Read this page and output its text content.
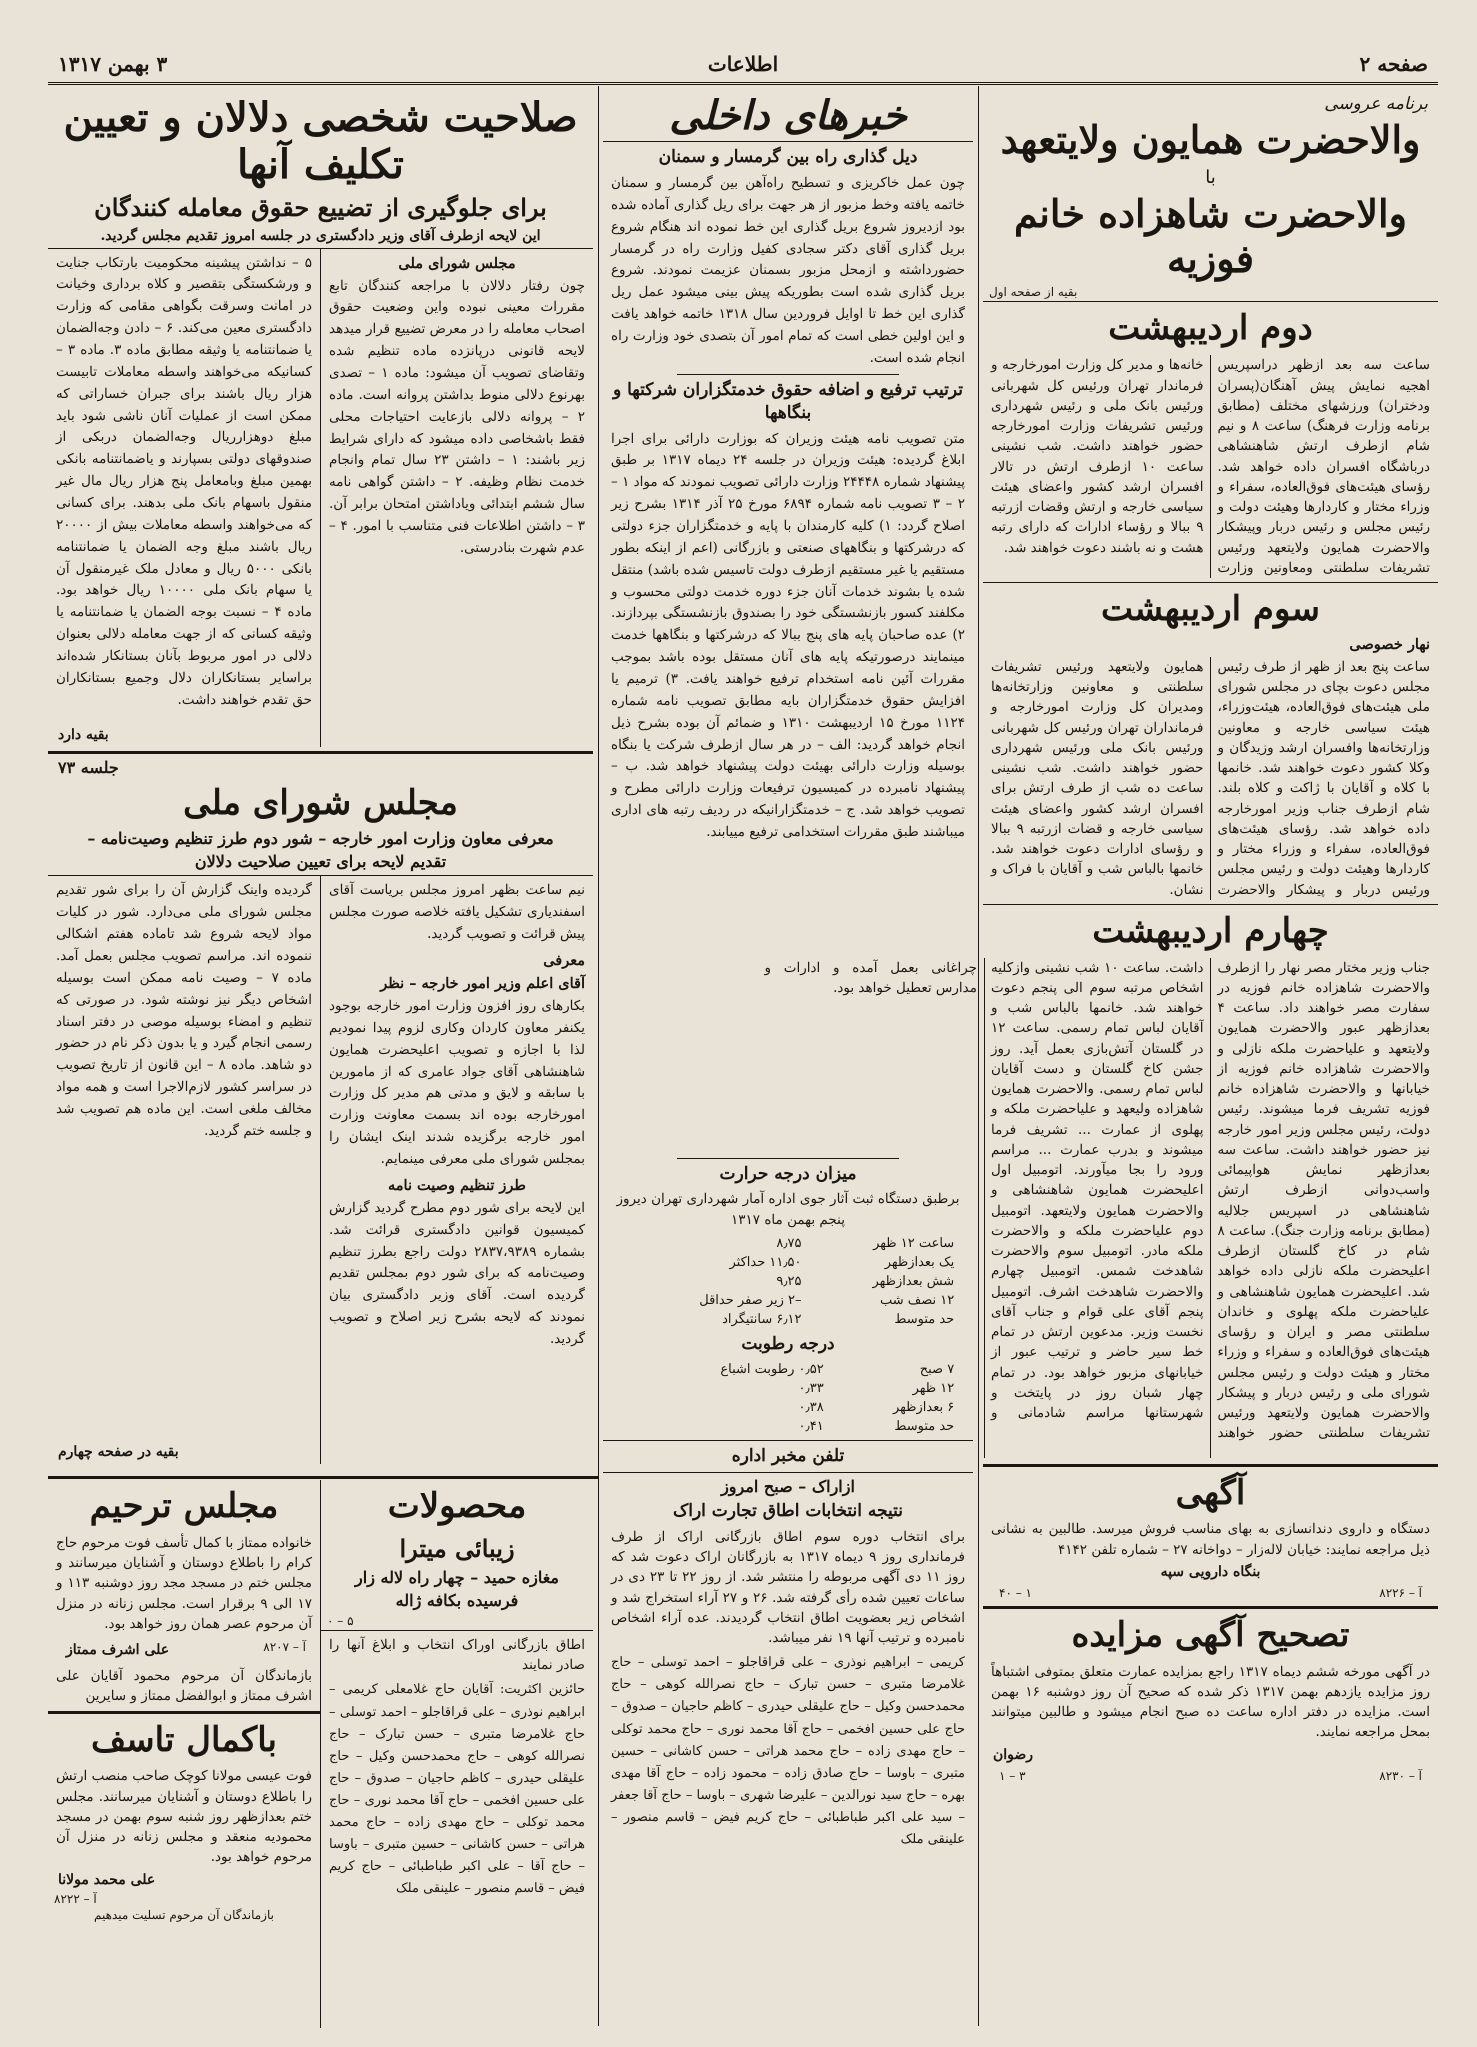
صفحه ۲
اطلاعات
۳ بهمن ۱۳۱۷
برنامه عروسی
والاحضرت همایون ولایتعهد
با
والاحضرت شاهزاده خانم فوزیه
بقیه از صفحه اول
دوم اردیبهشت
ساعت سه بعد ازظهر درا‌سپریس اهجیه نمایش پیش آهنگان(پسران ودختران) ورزشهای مختلف (مطابق برنامه وزارت فرهنگ) ساعت ۸ و نیم شام ازطرف ارتش شاهنشاهی درباشگاه افسران داده خواهد شد. رؤسای هیئت‌های فوق‌العاده، سفراء و وزراء مختار و کاردارها وهیئت دولت و رئیس مجلس و رئیس دربار وپیشکار والاحضرت همایون ولایتعهد ورئیس تشریفات سلطنتی ومعاونین وزارت خانه‌ها و مدیر کل وزارت امورخارجه و فرماندار تهران ورئیس کل شهربانی ورئیس بانک ملی و رئیس شهرداری ورئیس تشریفات وزارت امورخارجه حضور خواهند داشت. شب نشینی ساعت ۱۰ ازطرف ارتش در تالار افسران ارشد کشور واعضای هیئت سیاسی خارجه و ارتش وقضات ازرتبه ۹ ببالا و رؤساء ادارات که دارای رتبه هشت و نه باشند دعوت خواهند شد.
سوم اردیبهشت
نهار خصوصی
ساعت پنج بعد از ظهر از طرف رئیس مجلس دعوت بچای در مجلس شورای ملی هیئت‌های فوق‌العاده، هیئت‌وزراء، هیئت سیاسی خارجه و معاونین وزارتخانه‌ها وافسران ارشد وزیدگان و وکلا کشور دعوت خواهند شد. خانمها با کلاه و آقایان با ژاکت و کلاه بلند. شام ازطرف جناب وزیر امورخارجه داده خواهد شد. رؤسای هیئت‌های فوق‌العاده، سفراء و وزراء مختار و کاردارها وهیئت دولت و رئیس مجلس ورئیس دربار و پیشکار والاحضرت همایون ولایتعهد ورئیس تشریفات سلطنتی و معاونین وزارتخانه‌ها ومدیران کل وزارت امورخارجه و فرمانداران تهران ورئیس کل شهربانی ورئیس بانک ملی ورئیس شهرداری حضور خواهند داشت. شب نشینی ساعت ده شب از طرف ارتش برای افسران ارشد کشور واعضای هیئت سیاسی خارجه و قضات ازرتبه ۹ ببالا و رؤسای ادارات دعوت خواهند شد. خانمها بالباس شب و آقایان با فراک و نشان.
چهارم اردیبهشت
جناب وزیر مختار مصر نهار را ازطرف والاحضرت شاهزاده خانم فوزیه در سفارت مصر خواهند داد. ساعت ۴ بعدازظهر عبور والاحضرت همایون ولایتعهد و علیاحضرت ملکه نازلی و والاحضرت شاهزاده خانم فوزیه از خیابانها و والاحضرت شاهزاده خانم فوزیه تشریف فرما میشوند. رئیس دولت، رئیس مجلس وزیر امور خارجه نیز حضور خواهند داشت. ساعت سه بعدازظهر نمایش هواپیمائی واسب‌دوانی ازطرف ارتش شاهنشاهی در اسپریس جلالیه (مطابق برنامه وزارت جنگ). ساعت ۸ شام در کاخ گلستان ازطرف اعلیحضرت ملکه نازلی داده خواهد شد. اعلیحضرت همایون شاهنشاهی و علیاحضرت ملکه پهلوی و خاندان سلطنتی مصر و ایران و رؤسای هیئت‌های فوق‌العاده و سفراء و وزراء مختار و هیئت دولت و رئیس مجلس شورای ملی و رئیس دربار و پیشکار والاحضرت همایون ولایتعهد ورئیس تشریفات سلطنتی حضور خواهند داشت. ساعت ۱۰ شب نشینی وازکلیه اشخاص مرتبه سوم الی پنجم دعوت خواهند شد. خانمها بالباس شب و آقایان لباس تمام رسمی. ساعت ۱۲ در گلستان آتش‌بازی بعمل آید. روز جشن کاخ گلستان و دست آقایان لباس تمام رسمی. والاحضرت همایون شاهزاده ولیعهد و علیاحضرت ملکه و پهلوی از عمارت ... تشریف فرما میشوند و بدرب عمارت ... مراسم ورود را بجا میآورند. اتومبیل اول اعلیحضرت همایون شاهنشاهی و والاحضرت همایون ولایتعهد. اتومبیل دوم علیاحضرت ملکه و والاحضرت ملکه مادر. اتومبیل سوم والاحضرت شاهدخت شمس. اتومبیل چهارم والاحضرت شاهدخت اشرف. اتومبیل پنجم آقای علی قوام و جناب آقای نخست وزیر. مدعوین ارتش در تمام خط سیر حاضر و ترتیب عبور از خیابانهای مزبور خواهد بود. در تمام چهار شبان روز در پایتخت و شهرستانها مراسم شادمانی و چراغانی بعمل آمده و ادارات و مدارس تعطیل خواهد بود.
آگهی
دستگاه و داروی دندانسازی به بهای مناسب فروش میرسد. طالبین به نشانی ذیل مراجعه نمایند: خیابان لاله‌زار – دواخانه ۲۷ – شماره تلفن ۴۱۴۲
بنگاه دارویی سپه
آ – ۸۲۲۶
۱ – ۴۰
تصحیح آگهی مزایده
در آگهی مورخه ششم دیماه ۱۳۱۷ راجع بمزایده عمارت متعلق بمتوفی اشتباهاً روز مزایده یازدهم بهمن ۱۳۱۷ ذکر شده که صحیح آن روز دوشنبه ۱۶ بهمن است. مزایده در دفتر اداره ساعت ده صبح انجام میشود و طالبین میتوانند بمحل مراجعه نمایند.
رضوان
آ – ۸۲۳۰
۳ – ۱
خبرهای داخلی
دیل گذاری راه بین گرمسار و سمنان
چون عمل خاکریزی و تسطیح راه‌آهن بین گرمسار و سمنان خاتمه یافته وخط مزبور از هر جهت برای ریل گذاری آماده شده بود ازدیروز شروع بریل گذاری این خط نموده اند هنگام شروع بریل گذاری آقای دکتر سجادی کفیل وزارت راه در گرمسار حضورداشته و ازمحل مزبور بسمنان عزیمت نمودند. شروع بریل گذاری شده است بطوریکه پیش بینی میشود عمل ریل گذاری این خط تا اوایل فروردین سال ۱۳۱۸ خاتمه خواهد یافت و این اولین خطی است که تمام امور آن بتصدی خود وزارت راه انجام شده است.
ترتیب ترفیع و اضافه حقوق خدمتگزاران شرکتها و بنگاهها
متن تصویب نامه هیئت وزیران که بوزارت دارائی برای اجرا ابلاغ گردیده: هیئت وزیران در جلسه ۲۴ دیماه ۱۳۱۷ بر طبق پیشنهاد شماره ۲۴۴۴۸ وزارت دارائی تصویب نمودند که مواد ۱ – ۲ – ۳ تصویب نامه شماره ۶۸۹۴ مورخ ۲۵ آذر ۱۳۱۴ بشرح زیر اصلاح گردد: ۱) کلیه کارمندان با پایه و خدمتگزاران جزء دولتی که درشرکتها و بنگاههای صنعتی و بازرگانی (اعم از اینکه بطور مستقیم یا غیر مستقیم ازطرف دولت تاسیس شده باشد) منتقل شده یا بشوند خدمات آنان جزء دوره خدمت دولتی محسوب و مکلفند کسور بازنشستگی خود را بصندوق بازنشستگی بپردازند. ۲) عده صاحبان پایه های پنج ببالا که درشرکتها و بنگاهها خدمت مینمایند درصورتیکه پایه های آنان مستقل بوده باشد بموجب مقررات آئین نامه استخدام ترفیع خواهند یافت. ۳) ترمیم یا افزایش حقوق خدمتگزاران بایه مطابق تصویب نامه شماره ۱۱۲۴ مورخ ۱۵ اردیبهشت ۱۳۱۰ و ضمائم آن بوده بشرح ذیل انجام خواهد گردید: الف – در هر سال ازطرف شرکت یا بنگاه بوسیله وزارت دارائی بهیئت دولت پیشنهاد خواهد شد. ب – پیشنهاد نامبرده در کمیسیون ترفیعات وزارت دارائی مطرح و تصویب خواهد شد. ج – خدمتگزارانیکه در ردیف رتبه های اداری میباشند طبق مقررات استخدامی ترفیع مییابند.
میزان درجه حرارت
برطبق دستگاه ثبت آثار جوی اداره آمار شهرداری تهران دیروز پنجم بهمن ماه ۱۳۱۷
ساعت ۱۲ ظهر	۸٫۷۵
یک بعدازظهر	۱۱٫۵۰ حداکثر
شش بعدازظهر	۹٫۲۵
۱۲ نصف شب	–۲ زیر صفر حداقل
حد متوسط	۶٫۱۲ سانتیگراد
درجه رطوبت
۷ صبح	۰٫۵۲ رطوبت اشباع
۱۲ ظهر	۰٫۳۳
۶ بعدازظهر	۰٫۳۸
حد متوسط	۰٫۴۱
تلفن مخبر اداره
ازاراک – صبح امروز
نتیجه انتخابات اطاق تجارت اراک
برای انتخاب دوره سوم اطاق بازرگانی اراک از طرف فرمانداری روز ۹ دیماه ۱۳۱۷ به بازرگانان اراک دعوت شد که روز ۱۱ دی آگهی مربوطه را منتشر شد. از روز ۲۲ تا ۲۳ دی در ساعات تعیین شده رأی گرفته شد. ۲۶ و ۲۷ آراء استخراج شد و اشخاص زیر بعضویت اطاق انتخاب گردیدند. عده آراء اشخاص نامبرده و ترتیب آنها ۱۹ نفر میباشد.
کریمی – ابراهیم نوذری – علی قراقاجلو – احمد توسلی – حاج غلامرضا متبری – حسن تبارک – حاج نصرالله کوهی – حاج محمدحسن وکیل – حاج علیقلی حیدری – کاظم حاجیان – صدوق – حاج علی حسین افخمی – حاج آقا محمد نوری – حاج محمد توکلی – حاج مهدی زاده – حاج محمد هراتی – حسن کاشانی – حسین متبری – باوسا – حاج صادق زاده – محمود زاده – حاج آقا مهدی بهره – حاج سید نورالدین – علیرضا شهری – باوسا – حاج آقا جعفر – سید علی اکبر طباطبائی – حاج کریم فیض – قاسم منصور – علینقی ملک
صلاحیت شخصی دلالان و تعیین تکلیف آنها
برای جلوگیری از تضییع حقوق معامله کنندگان
این لایحه ازطرف آقای وزیر دادگستری در جلسه امروز تقدیم مجلس گردید.
مجلس شورای ملی
چون رفتار دلالان با مراجعه کنندگان تابع مقررات معینی نبوده واین وضعیت حقوق اصحاب معامله را در معرض تضییع قرار میدهد لایحه قانونی درپانزده ماده تنظیم شده وتقاضای تصویب آن میشود: ماده ۱ – تصدی بهرنوع دلالی منوط بداشتن پروانه است. ماده ۲ – پروانه دلالی باز‌عایت احتیاجات محلی فقط باشخاصی داده میشود که دارای شرایط زیر باشند: ۱ – داشتن ۲۳ سال تمام وانجام خدمت نظام وظیفه. ۲ – داشتن گواهی نامه سال ششم ابتدائی ویاداشتن امتحان برابر آن. ۳ – داشتن اطلاعات فنی متناسب با امور. ۴ – عدم شهرت بنادرستی.
۵ – نداشتن پیشینه محکومیت بارتکاب جنایت و ورشکستگی بتقصیر و کلاه برداری وخیانت در امانت وسرقت بگواهی مقامی که وزارت دادگستری معین می‌کند. ۶ – دادن وجه‌الضمان یا ضمانتنامه یا وثیقه مطابق ماده ۳. ماده ۳ – کسانیکه می‌خواهند واسطه معاملات تابیست هزار ریال باشند برای جبران خساراتی که ممکن است از عملیات آنان ناشی شود باید مبلغ دوهزارریال وجه‌الضمان دربکی از صندوقهای دولتی بسپارند و یاضمانتنامه بانکی بهمین مبلغ وبامعامل پنج هزار ریال مال غیر منقول باسهام بانک ملی بدهند. برای کسانی که می‌خواهند واسطه معاملات بیش از ۲۰۰۰۰ ریال باشند مبلغ وجه الضمان یا ضمانتنامه بانکی ۵۰۰۰ ریال و معادل ملک غیرمنقول آن یا سهام بانک ملی ۱۰۰۰۰ ریال خواهد بود. ماده ۴ – نسبت بوجه الضمان یا ضمانتنامه یا وثیقه کسانی که از جهت معامله دلالی بعنوان دلالی در امور مربوط بآنان بستانکار شده‌اند براسایر بستانکاران دلال وجمیع بستانکاران حق تقدم خواهند داشت.
بقیه دارد
جلسه ۷۳
مجلس شورای ملی
معرفی معاون وزارت امور خارجه – شور دوم طرز تنظیم وصیت‌نامه –
تقدیم لایحه برای تعیین صلاحیت دلالان
نیم ساعت بظهر امروز مجلس بریاست آقای اسفندیاری تشکیل یافته خلاصه صورت مجلس پیش قرائت و تصویب گردید.
معرفی
آقای اعلم وزیر امور خارجه – نظر
بکارهای روز افزون وزارت امور خارجه بوجود یکنفر معاون کاردان وکاری لزوم پیدا نمودیم لذا با اجازه و تصویب اعلیحضرت همایون شاهنشاهی آقای جواد عامری که از مامورین با سابقه و لایق و مدتی هم مدیر کل وزارت امورخارجه بوده اند بسمت معاونت وزارت امور خارجه برگزیده شدند اینک ایشان را بمجلس شورای ملی معرفی مینمایم.
طرز تنظیم وصیت نامه
این لایحه برای شور دوم مطرح گردید گزارش کمیسیون قوانین دادگستری قرائت شد. بشماره ۲۸۳۷،۹۳۸۹ دولت راجع بطرز تنظیم وصیت‌نامه که برای شور دوم بمجلس تقدیم گردیده است. آقای وزیر دادگستری بیان نمودند که لایحه بشرح زیر اصلاح و تصویب گردید.
گردیده واینک گزارش آن را برای شور تقدیم مجلس شورای ملی می‌دارد. شور در کلیات مواد لایحه شروع شد تاماده هفتم اشکالی ننموده اند. مراسم تصویب مجلس بعمل آمد. ماده ۷ – وصیت نامه ممکن است بوسیله اشخاص دیگر نیز نوشته شود. در صورتی که تنظیم و امضاء بوسیله موصی در دفتر اسناد رسمی انجام گیرد و یا بدون ذکر نام در حضور دو شاهد. ماده ۸ – این قانون از تاریخ تصویب در سراسر کشور لازم‌الاجرا است و همه مواد مخالف ملغی است. این ماده هم تصویب شد و جلسه ختم گردید.
بقیه در صفحه چهارم
محصولات
زیبائی میترا
مغازه حمید – چهار راه لاله زار
فرسیده بکافه ژاله
۵ – ۰
اطاق بازرگانی اوراک انتخاب و ابلاغ آنها را صادر نمایند
حائزین اکثریت: آقایان حاج غلامعلی کریمی – ابراهیم نوذری – علی قراقاجلو – احمد توسلی – حاج غلامرضا متبری – حسن تبارک – حاج نصرالله کوهی – حاج محمدحسن وکیل – حاج علیقلی حیدری – کاظم حاجیان – صدوق – حاج علی حسین افخمی – حاج آقا محمد نوری – حاج محمد توکلی – حاج مهدی زاده – حاج محمد هراتی – حسن کاشانی – حسین متبری – باوسا – حاج آقا – علی اکبر طباطبائی – حاج کریم فیض – قاسم منصور – علینقی ملک
مجلس ترحیم
خانواده ممتاز با کمال تأسف فوت مرحوم حاج کرام را باطلاع دوستان و آشنایان میرسانند و مجلس ختم در مسجد مجد روز دوشنبه ۱۱۳ و ۱۷ الی ۹ برقرار است. مجلس زنانه در منزل آن مرحوم عصر همان روز خواهد بود.
آ – ۸۲۰۷
علی اشرف ممتاز
بازماندگان آن مرحوم محمود آقایان علی اشرف ممتاز و ابوالفضل ممتاز و سایرین
باکمال تاسف
فوت عیسی مولانا کوچک صاحب منصب ارتش را باطلاع دوستان و آشنایان میرسانند. مجلس ختم بعدازظهر روز شنبه سوم بهمن در مسجد محمودیه منعقد و مجلس زنانه در منزل آن مرحوم خواهد بود.
علی محمد مولانا
آ – ۸۲۲۲
بازماندگان آن مرحوم تسلیت میدهیم
